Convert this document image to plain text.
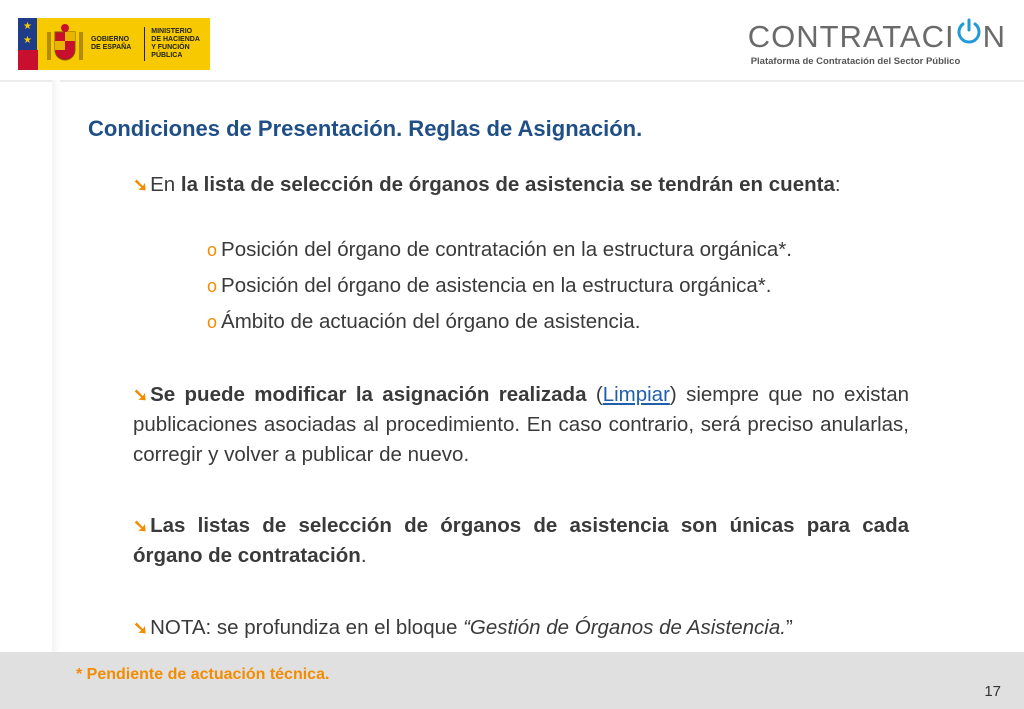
★
★	GOBIERNO
DE ESPAÑA
MINISTERIO
DE HACIENDA
Y FUNCIÓN PÚBLICA
CONTRATACI N
Plataforma de Contratación del Sector Público
Condiciones de Presentación. Reglas de Asignación.

➘En la lista de selección de órganos de asistencia se tendrán en cuenta:

o Posición del órgano de contratación en la estructura orgánica*.

o Posición del órgano de asistencia en la estructura orgánica*.

o Ámbito de actuación del órgano de asistencia.

➘Se puede modificar la asignación realizada (Limpiar) siempre que no existan publicaciones asociadas al procedimiento. En caso contrario, será preciso anularlas, corregir y volver a publicar de nuevo.

➘Las listas de selección de órganos de asistencia son únicas para cada órgano de contratación.

➘NOTA: se profundiza en el bloque “Gestión de Órganos de Asistencia.”

* Pendiente de actuación técnica.
17
